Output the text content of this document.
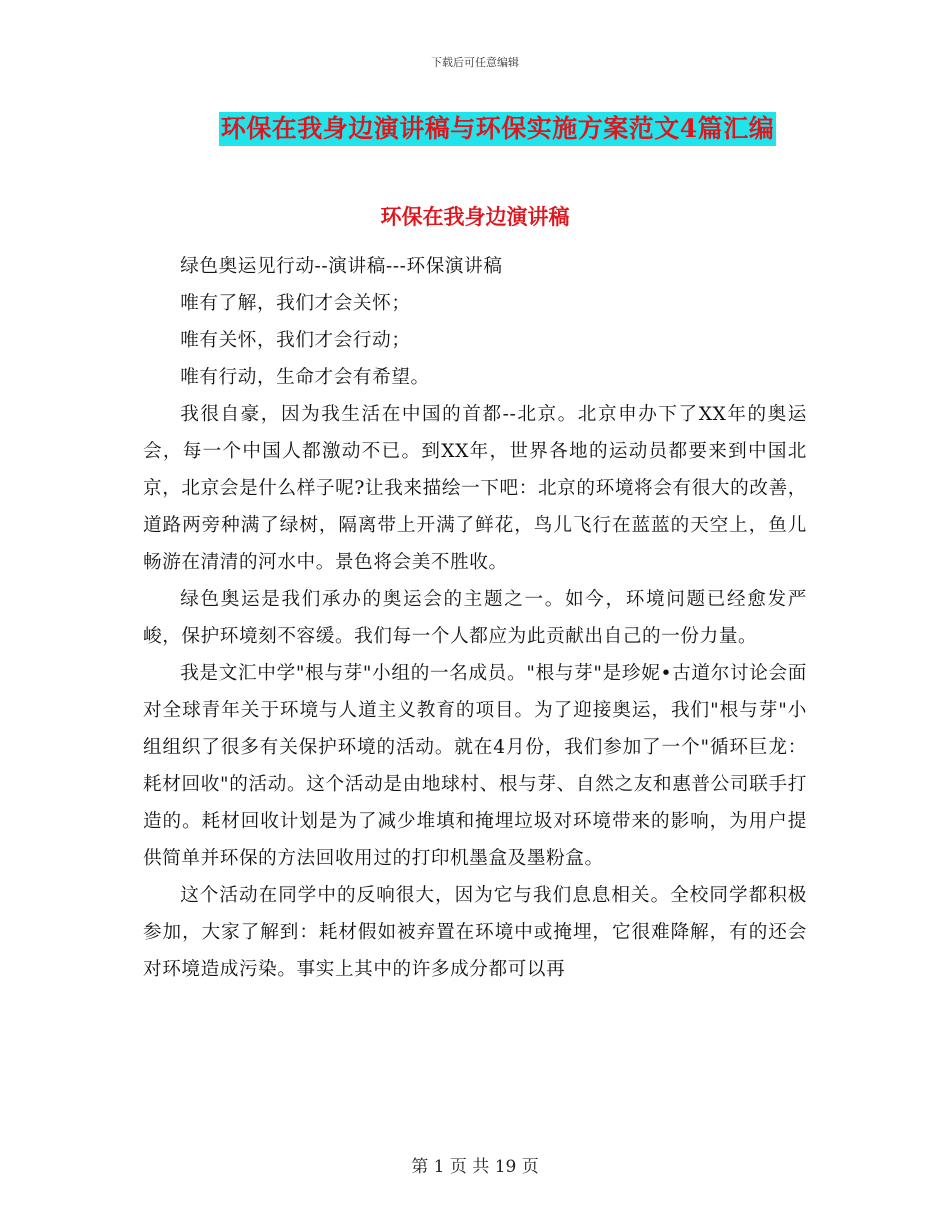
下载后可任意编辑
环保在我身边演讲稿与环保实施方案范文4篇汇编
环保在我身边演讲稿

绿色奥运见行动--演讲稿---环保演讲稿

唯有了解，我们才会关怀；

唯有关怀，我们才会行动；

唯有行动，生命才会有希望。

我很自豪，因为我生活在中国的首都--北京。北京申办下了XX年的奥运会，每一个中国人都激动不已。到XX年，世界各地的运动员都要来到中国北京，北京会是什么样子呢?让我来描绘一下吧：北京的环境将会有很大的改善，道路两旁种满了绿树，隔离带上开满了鲜花，鸟儿飞行在蓝蓝的天空上，鱼儿畅游在清清的河水中。景色将会美不胜收。

绿色奥运是我们承办的奥运会的主题之一。如今，环境问题已经愈发严峻，保护环境刻不容缓。我们每一个人都应为此贡献出自己的一份力量。

我是文汇中学"根与芽"小组的一名成员。"根与芽"是珍妮•古道尔讨论会面对全球青年关于环境与人道主义教育的项目。为了迎接奥运，我们"根与芽"小组组织了很多有关保护环境的活动。就在4月份，我们参加了一个"循环巨龙：耗材回收"的活动。这个活动是由地球村、根与芽、自然之友和惠普公司联手打造的。耗材回收计划是为了减少堆填和掩埋垃圾对环境带来的影响，为用户提供简单并环保的方法回收用过的打印机墨盒及墨粉盒。

这个活动在同学中的反响很大，因为它与我们息息相关。全校同学都积极参加，大家了解到：耗材假如被弃置在环境中或掩埋，它很难降解，有的还会对环境造成污染。事实上其中的许多成分都可以再

第 1 页 共 19 页
